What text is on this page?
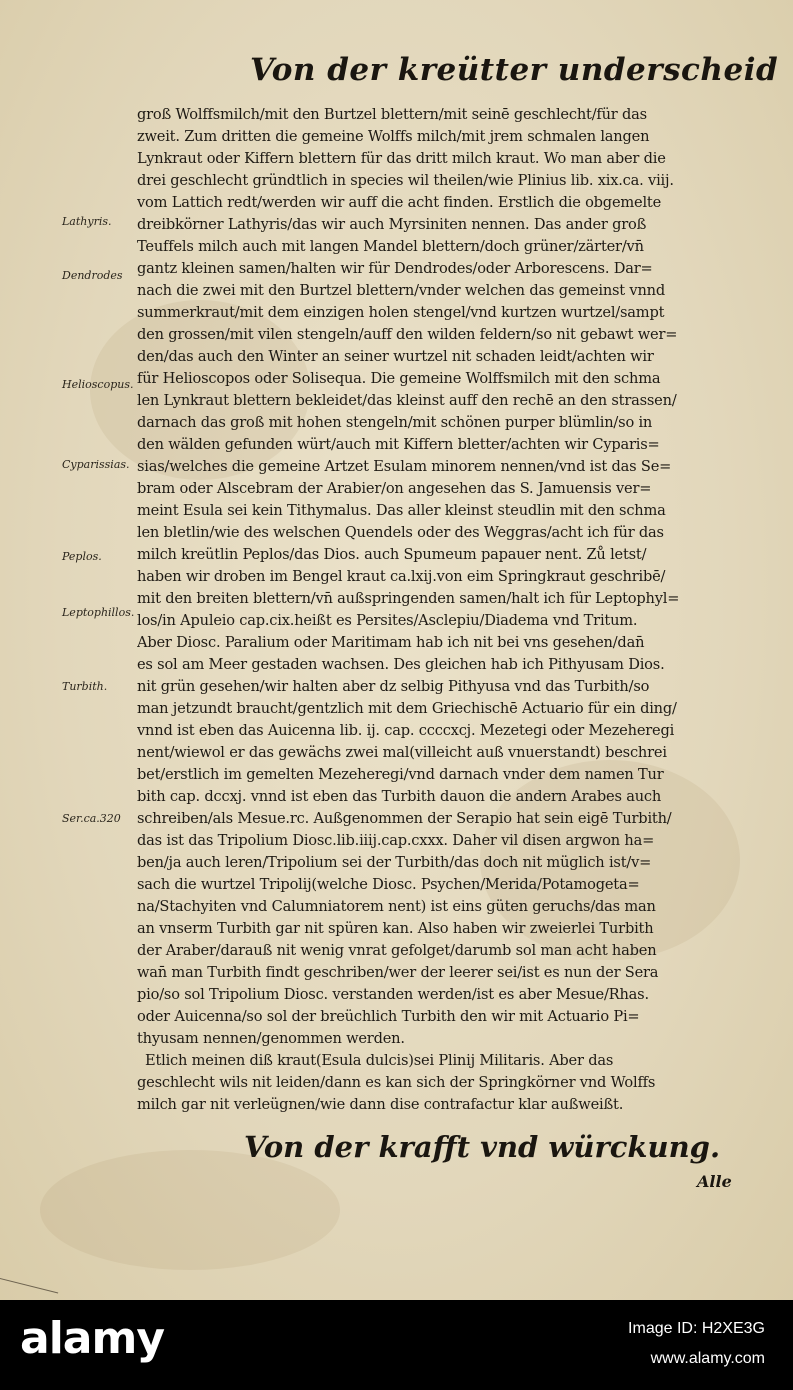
Von der kreütter underscheid
Lathyris.
Dendrodes
Helioscopus.
Cyparissias.
Peplos.
Leptophillos.
Turbith.
Ser.ca.320
groß Wolffsmilch/mit den Burtzel blettern/mit seinē geschlecht/für das
zweit. Zum dritten die gemeine Wolffs milch/mit jrem schmalen langen
Lynkraut oder Kiffern blettern für das dritt milch kraut. Wo man aber die
drei geschlecht gründtlich in species wil theilen/wie Plinius lib. xix.ca. viij.
vom Lattich redt/werden wir auff die acht finden. Erstlich die obgemelte
dreibkörner Lathyris/das wir auch Myrsiniten nennen. Das ander groß
Teuffels milch auch mit langen Mandel blettern/doch grüner/zärter/vn̄
gantz kleinen samen/halten wir für Dendrodes/oder Arborescens. Dar=
nach die zwei mit den Burtzel blettern/vnder welchen das gemeinst vnnd
summerkraut/mit dem einzigen holen stengel/vnd kurtzen wurtzel/sampt
den grossen/mit vilen stengeln/auff den wilden feldern/so nit gebawt wer=
den/das auch den Winter an seiner wurtzel nit schaden leidt/achten wir
für Helioscopos oder Solisequa. Die gemeine Wolffsmilch mit den schma
len Lynkraut blettern bekleidet/das kleinst auff den rechē an den strassen/
darnach das groß mit hohen stengeln/mit schönen purper blümlin/so in
den wälden gefunden würt/auch mit Kiffern bletter/achten wir Cyparis=
sias/welches die gemeine Artzet Esulam minorem nennen/vnd ist das Se=
bram oder Alscebram der Arabier/on angesehen das S. Jamuensis ver=
meint Esula sei kein Tithymalus. Das aller kleinst steudlin mit den schma
len bletlin/wie des welschen Quendels oder des Weggras/acht ich für das
milch kreütlin Peplos/das Dios. auch Spumeum papauer nent. Zů letst/
haben wir droben im Bengel kraut ca.lxij.von eim Springkraut geschribē/
mit den breiten blettern/vn̄ außspringenden samen/halt ich für Leptophyl=
los/in Apuleio cap.cix.heißt es Persites/Asclepiu/Diadema vnd Tritum.
Aber Diosc. Paralium oder Maritimam hab ich nit bei vns gesehen/dan̄
es sol am Meer gestaden wachsen. Des gleichen hab ich Pithyusam Dios.
nit grün gesehen/wir halten aber dz selbig Pithyusa vnd das Turbith/so
man jetzundt braucht/gentzlich mit dem Griechischē Actuario für ein ding/
vnnd ist eben das Auicenna lib. ij. cap. ccccxcj. Mezetegi oder Mezeheregi
nent/wiewol er das gewächs zwei mal(villeicht auß vnuerstandt) beschrei
bet/erstlich im gemelten Mezeheregi/vnd darnach vnder dem namen Tur
bith cap. dccxj. vnnd ist eben das Turbith dauon die andern Arabes auch
schreiben/als Mesue.rc. Außgenommen der Serapio hat sein eigē Turbith/
das ist das Tripolium Diosc.lib.iiij.cap.cxxx. Daher vil disen argwon ha=
ben/ja auch leren/Tripolium sei der Turbith/das doch nit müglich ist/v=
sach die wurtzel Tripolij(welche Diosc. Psychen/Merida/Potamogeta=
na/Stachyiten vnd Calumniatorem nent) ist eins güten geruchs/das man
an vnserm Turbith gar nit spüren kan. Also haben wir zweierlei Turbith
der Araber/darauß nit wenig vnrat gefolget/darumb sol man acht haben
wan̄ man Turbith findt geschriben/wer der leerer sei/ist es nun der Sera
pio/so sol Tripolium Diosc. verstanden werden/ist es aber Mesue/Rhas.
oder Auicenna/so sol der breüchlich Turbith den wir mit Actuario Pi=
thyusam nennen/genommen werden.
Etlich meinen diß kraut(Esula dulcis)sei Plinij Militaris. Aber das
geschlecht wils nit leiden/dann es kan sich der Springkörner vnd Wolffs
milch gar nit verleügnen/wie dann dise contrafactur klar außweißt.
Von der krafft vnd würckung.
Alle
alamy	Image ID: H2XE3G
www.alamy.com
